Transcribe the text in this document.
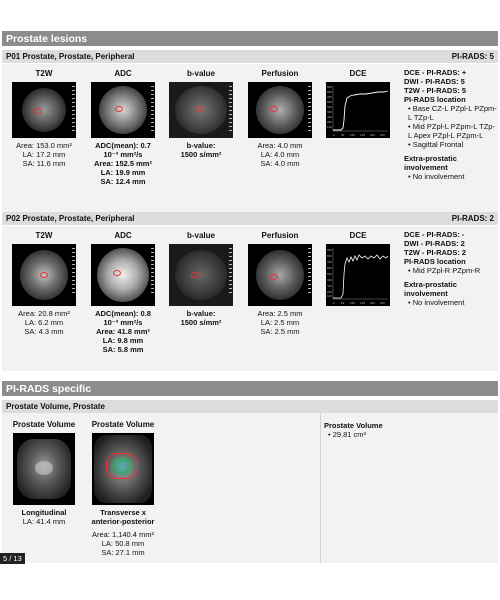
Prostate lesions
P01 Prostate, Prostate, Peripheral	PI-RADS: 5
T2W
Area: 153.0 mm²
LA: 17.2 mm
SA: 11.6 mm
ADC
ADC(mean): 0.7
10⁻³ mm²/s
Area: 152.5 mm²
LA: 19.9 mm
SA: 12.4 mm
b-value
b-value:
1500 s/mm²
Perfusion
Area: 4.0 mm
LA: 4.0 mm
SA: 4.0 mm
DCE
900
800
700
600
500
400
300
200
100
0 50 100 150 200 250
DCE - PI-RADS: +
DWI - PI-RADS: 5
T2W - PI-RADS: 5
PI-RADS location
• Base CZ-L PZpl-L PZpm-L TZp-L
• Mid PZpl-L PZpm-L TZp-L Apex PZpl-L PZpm-L
• Sagittal Frontal
Extra-prostatic involvement
• No involvement
P02 Prostate, Prostate, Peripheral	PI-RADS: 2
T2W
Area: 20.8 mm²
LA: 6.2 mm
SA: 4.3 mm
ADC
ADC(mean): 0.8
10⁻³ mm²/s
Area: 41.8 mm²
LA: 9.8 mm
SA: 5.8 mm
b-value
b-value:
1500 s/mm²
Perfusion
Area: 2.5 mm
LA: 2.5 mm
SA: 2.5 mm
DCE
900
800
700
600
500
400
300
200
100
0 50 100 150 200 250
DCE - PI-RADS: -
DWI - PI-RADS: 2
T2W - PI-RADS: 2
PI-RADS location
• Mid PZpl-R PZpm-R
Extra-prostatic involvement
• No involvement
PI-RADS specific
Prostate Volume, Prostate
Prostate Volume
Longitudinal
LA: 41.4 mm
Prostate Volume
Transverse x
anterior-posterior
Area: 1,140.4 mm²
LA: 50.8 mm
SA: 27.1 mm
Prostate Volume
• 29.81 cm³
5 / 13
